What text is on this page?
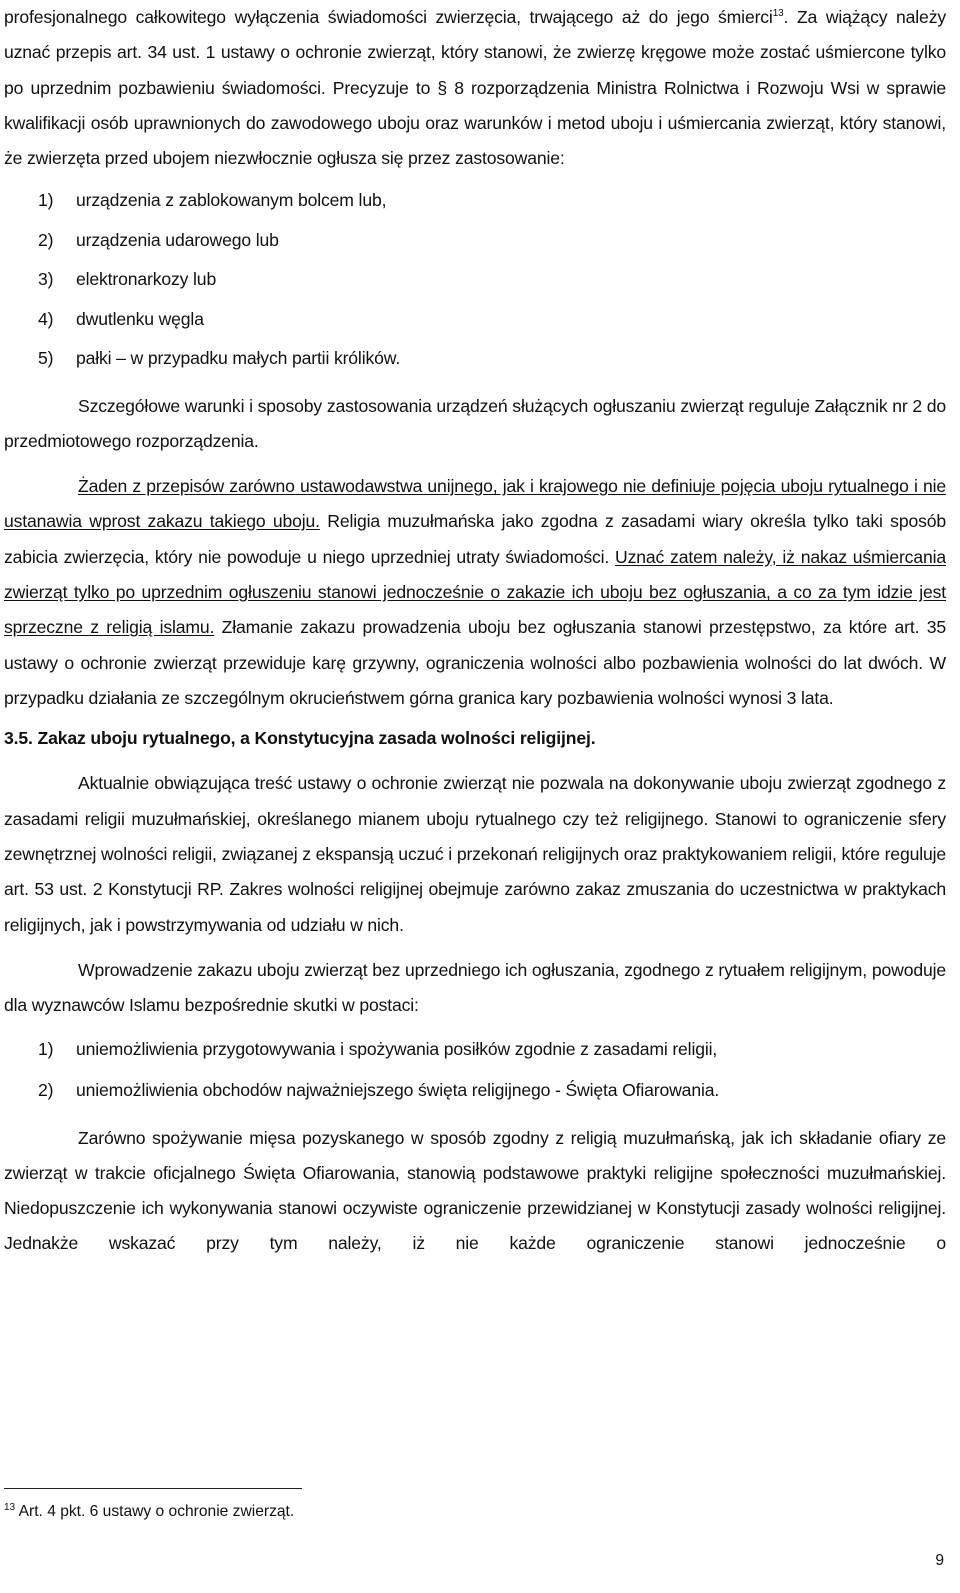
profesjonalnego całkowitego wyłączenia świadomości zwierzęcia, trwającego aż do jego śmierci$^{13}$. Za wiążący należy uznać przepis art. 34 ust. 1 ustawy o ochronie zwierząt, który stanowi, że zwierzę kręgowe może zostać uśmiercone tylko po uprzednim pozbawieniu świadomości. Precyzuje to § 8 rozporządzenia Ministra Rolnictwa i Rozwoju Wsi w sprawie kwalifikacji osób uprawnionych do zawodowego uboju oraz warunków i metod uboju i uśmiercania zwierząt, który stanowi, że zwierzęta przed ubojem niezwłocznie ogłusza się przez zastosowanie:

1) urządzenia z zablokowanym bolcem lub,
2) urządzenia udarowego lub
3) elektronarkozy lub
4) dwutlenku węgla
5) pałki – w przypadku małych partii królików.

Szczegółowe warunki i sposoby zastosowania urządzeń służących ogłuszaniu zwierząt reguluje Załącznik nr 2 do przedmiotowego rozporządzenia.

Żaden z przepisów zarówno ustawodawstwa unijnego, jak i krajowego nie definiuje pojęcia uboju rytualnego i nie ustanawia wprost zakazu takiego uboju. Religia muzułmańska jako zgodna z zasadami wiary określa tylko taki sposób zabicia zwierzęcia, który nie powoduje u niego uprzedniej utraty świadomości. Uznać zatem należy, iż nakaz uśmiercania zwierząt tylko po uprzednim ogłuszeniu stanowi jednocześnie o zakazie ich uboju bez ogłuszania, a co za tym idzie jest sprzeczne z religią islamu. Złamanie zakazu prowadzenia uboju bez ogłuszania stanowi przestępstwo, za które art. 35 ustawy o ochronie zwierząt przewiduje karę grzywny, ograniczenia wolności albo pozbawienia wolności do lat dwóch. W przypadku działania ze szczególnym okrucieństwem górna granica kary pozbawienia wolności wynosi 3 lata.

3.5. Zakaz uboju rytualnego, a Konstytucyjna zasada wolności religijnej.

Aktualnie obwiązująca treść ustawy o ochronie zwierząt nie pozwala na dokonywanie uboju zwierząt zgodnego z zasadami religii muzułmańskiej, określanego mianem uboju rytualnego czy też religijnego. Stanowi to ograniczenie sfery zewnętrznej wolności religii, związanej z ekspansją uczuć i przekonań religijnych oraz praktykowaniem religii, które reguluje art. 53 ust. 2 Konstytucji RP. Zakres wolności religijnej obejmuje zarówno zakaz zmuszania do uczestnictwa w praktykach religijnych, jak i powstrzymywania od udziału w nich.

Wprowadzenie zakazu uboju zwierząt bez uprzedniego ich ogłuszania, zgodnego z rytuałem religijnym, powoduje dla wyznawców Islamu bezpośrednie skutki w postaci:

1) uniemożliwienia przygotowywania i spożywania posiłków zgodnie z zasadami religii,
2) uniemożliwienia obchodów najważniejszego święta religijnego - Święta Ofiarowania.

Zarówno spożywanie mięsa pozyskanego w sposób zgodny z religią muzułmańską, jak ich składanie ofiary ze zwierząt w trakcie oficjalnego Święta Ofiarowania, stanowią podstawowe praktyki religijne społeczności muzułmańskiej. Niedopuszczenie ich wykonywania stanowi oczywiste ograniczenie przewidzianej w Konstytucji zasady wolności religijnej. Jednakże wskazać przy tym należy, iż nie każde ograniczenie stanowi jednocześnie o

$^{13}$ Art. 4 pkt. 6 ustawy o ochronie zwierząt.
9
